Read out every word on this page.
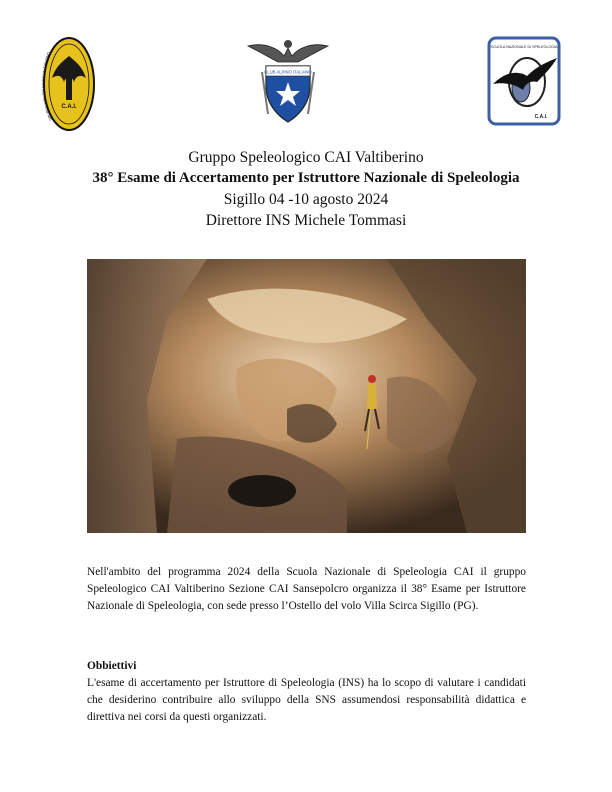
C.A.I.
GRUPPO SPELEOL O VALTIBERINO
CLUB ALPINO ITALIANO
SCUOLA NAZIONALE DI SPELEOLOGIA
C.A.I.
Gruppo Speleologico CAI Valtiberino
38° Esame di Accertamento per Istruttore Nazionale di Speleologia
Sigillo 04 -10 agosto 2024
Direttore INS Michele Tommasi
Nell'ambito del programma 2024 della Scuola Nazionale di Speleologia CAI il gruppo Speleologico CAI Valtiberino Sezione CAI Sansepolcro organizza il 38° Esame per Istruttore Nazionale di Speleologia, con sede presso l’Ostello del volo Villa Scirca Sigillo (PG).
Obbiettivi
L'esame di accertamento per Istruttore di Speleologia (INS) ha lo scopo di valutare i candidati che desiderino contribuire allo sviluppo della SNS assumendosi responsabilità didattica e direttiva nei corsi da questi organizzati.
